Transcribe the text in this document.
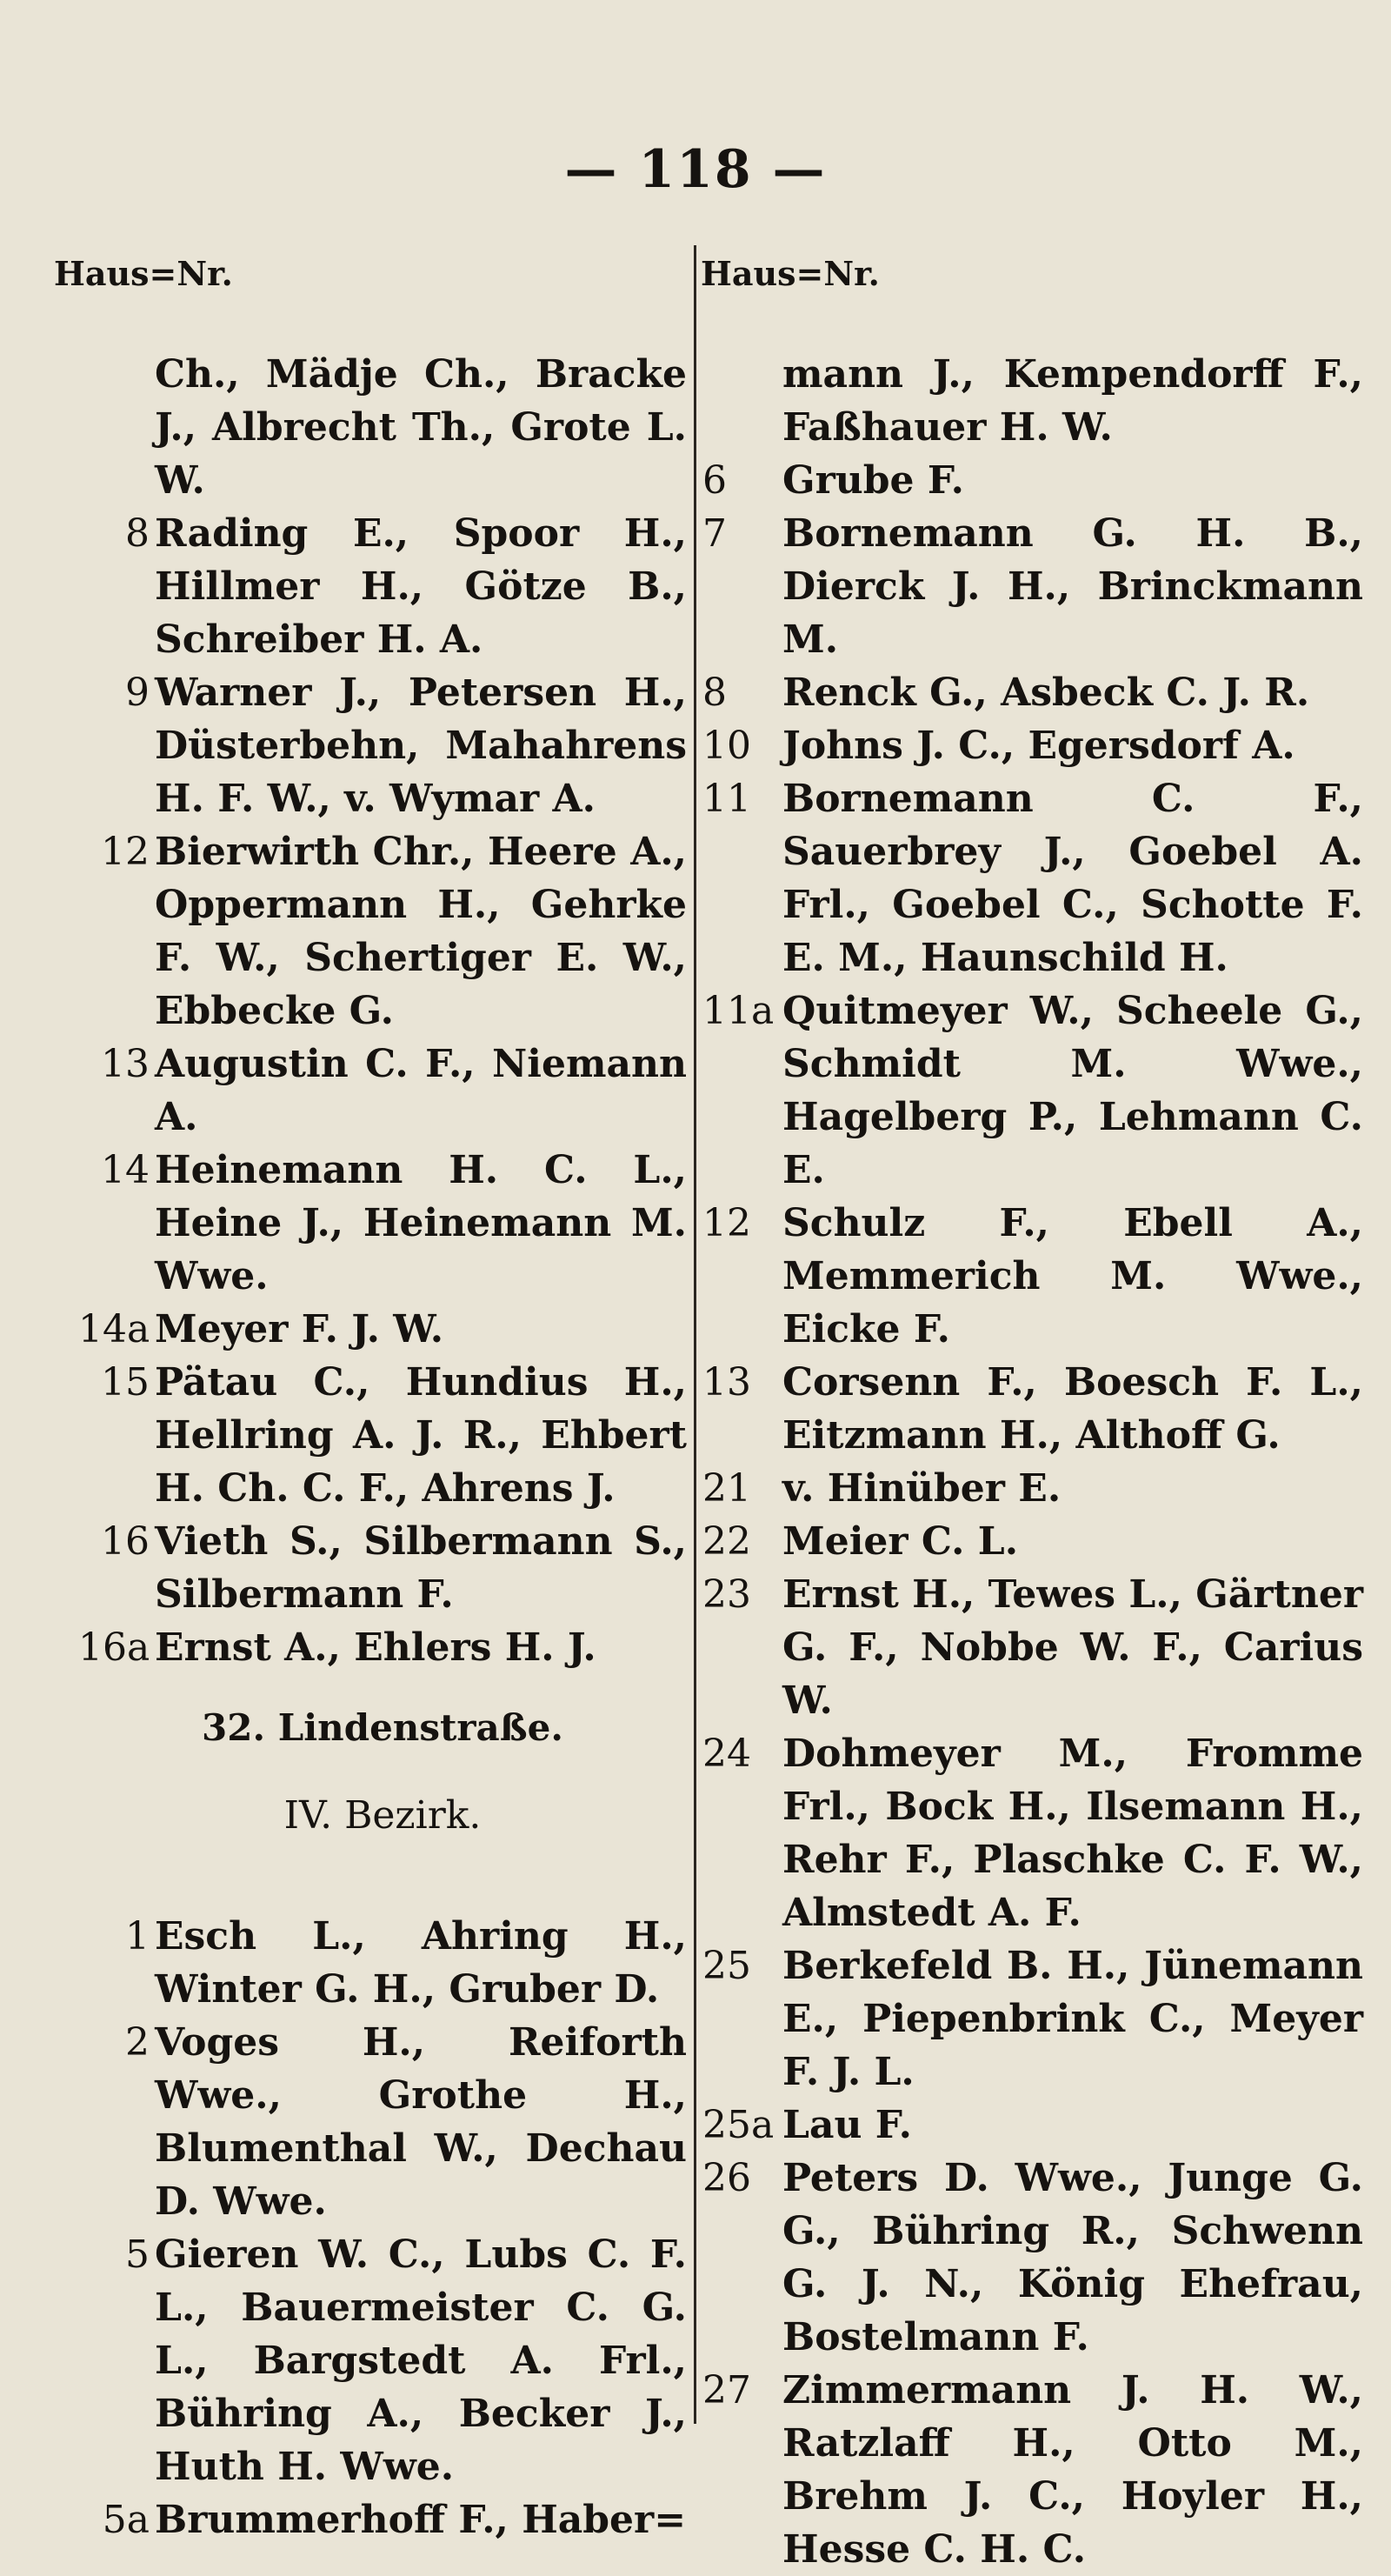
— 118 —
Haus=Nr.	Haus=Nr.
Ch., Mädje Ch., Bracke J., Albrecht Th., Grote L. W.
8 Rading E., Spoor H., Hillmer H., Götze B., Schreiber H. A.
9 Warner J., Petersen H., Düsterbehn, Mahahrens H. F. W., v. Wymar A.
12 Bierwirth Chr., Heere A., Oppermann H., Gehrke F. W., Schertiger E. W., Ebbecke G.
13 Augustin C. F., Niemann A.
14 Heinemann H. C. L., Heine J., Heinemann M. Wwe.
14a Meyer F. J. W.
15 Pätau C., Hundius H., Hellring A. J. R., Ehbert H. Ch. C. F., Ahrens J.
16 Vieth S., Silbermann S., Silbermann F.
16a Ernst A., Ehlers H. J.
32. Lindenstraße.
IV. Bezirk.
1 Esch L., Ahring H., Winter G. H., Gruber D.
2 Voges H., Reiforth Wwe., Grothe H., Blumenthal W., Dechau D. Wwe.
5 Gieren W. C., Lubs C. F. L., Bauermeister C. G. L., Bargstedt A. Frl., Bühring A., Becker J., Huth H. Wwe.
5a Brummerhoff F., Haber=
mann J., Kempendorff F., Faßhauer H. W.
6	Grube F.
7	Bornemann G. H. B., Dierck J. H., Brinckmann M.
8	Renck G., Asbeck C. J. R.
10 Johns J. C., Egersdorf A.
11 Bornemann C. F., Sauerbrey J., Goebel A. Frl., Goebel C., Schotte F. E. M., Haunschild H.
11a Quitmeyer W., Scheele G., Schmidt M. Wwe., Hagelberg P., Lehmann C. E.
12 Schulz F., Ebell A., Memmerich M. Wwe., Eicke F.
13 Corsenn F., Boesch F. L., Eitzmann H., Althoff G.
21 v. Hinüber E.
22 Meier C. L.
23 Ernst H., Tewes L., Gärtner G. F., Nobbe W. F., Carius W.
24 Dohmeyer M., Fromme Frl., Bock H., Ilsemann H., Rehr F., Plaschke C. F. W., Almstedt A. F.
25 Berkefeld B. H., Jünemann E., Piepenbrink C., Meyer F. J. L.
25a Lau F.
26 Peters D. Wwe., Junge G. G., Bühring R., Schwenn G. J. N., König Ehefrau, Bostelmann F.
27 Zimmermann J. H. W., Ratzlaff H., Otto M., Brehm J. C., Hoyler H., Hesse C. H. C.
